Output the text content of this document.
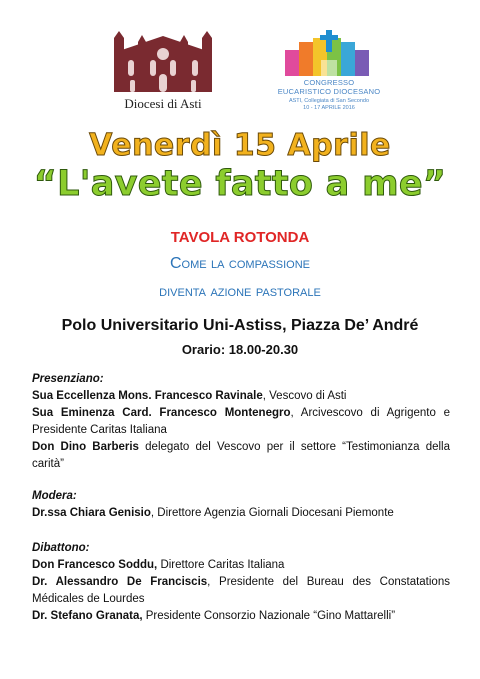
Diocesi di Asti
CONGRESSO
EUCARISTICO DIOCESANO
ASTI, Collegiata di San Secondo
10 - 17 APRILE 2016
Venerdì 15 Aprile
“L'avete fatto a me”
TAVOLA ROTONDA
Come la compassione
diventa azione pastorale
Polo Universitario Uni-Astiss, Piazza De’ André
Orario: 18.00-20.30
Presenziano:
Sua Eccellenza Mons. Francesco Ravinale, Vescovo di Asti
Sua Eminenza Card. Francesco Montenegro, Arcivescovo di Agrigento e Presidente Caritas Italiana
Don Dino Barberis delegato del Vescovo per il settore “Testimonianza della carità”
Modera:
Dr.ssa Chiara Genisio, Direttore Agenzia Giornali Diocesani Piemonte
Dibattono:
Don Francesco Soddu, Direttore Caritas Italiana
Dr. Alessandro De Franciscis, Presidente del Bureau des Constatations Médicales de Lourdes
Dr. Stefano Granata, Presidente Consorzio Nazionale “Gino Mattarelli”
